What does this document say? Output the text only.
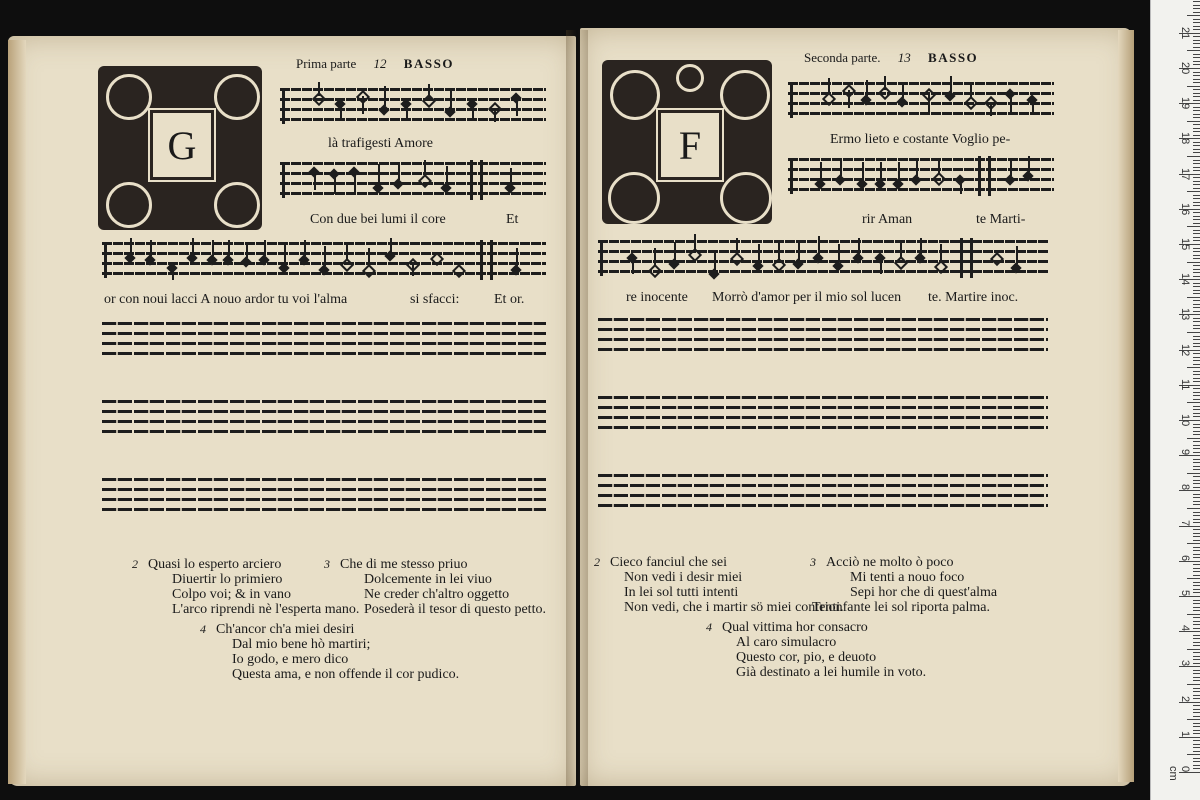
Prima parte 12 BASSO
G	là trafigesti Amore
Con due bei lumi il core	Et
or con noui lacci A nouo ardor tu voi l'alma	si sfacci: Et or.
2 Quasi lo esperto arciero
Diuertir lo primiero
Colpo voi; & in vano
L'arco riprendi nè l'esperta mano.
3 Che di me stesso priuo
Dolcemente in lei viuo
Ne creder ch'altro oggetto
Posederà il tesor di questo petto.
4 Ch'ancor ch'a miei desiri
Dal mio bene hò martiri;
Io godo, e mero dico
Questa ama, e non offende il cor pudico.
Seconda parte. 13 BASSO
F	Ermo lieto e costante Voglio pe-
rir Aman	te Marti-
re inocente Morrò d'amor per il mio sol lucen te. Martire inoc.
2 Cieco fanciul che sei
Non vedi i desir miei
In lei sol tutti intenti
Non vedi, che i martir sö miei contenti.
3 Acciò ne molto ò poco
Mi tenti a nouo foco
Sepi hor che di quest'alma
Trionfante lei sol riporta palma.
4 Qual vittima hor consacro
Al caro simulacro
Questo cor, pio, e deuoto
Già destinato a lei humile in voto.
0 cm
1
2
3
4
5
6
7
8
9
10
11
12
13
14
15
16
17
18
19
20
21
